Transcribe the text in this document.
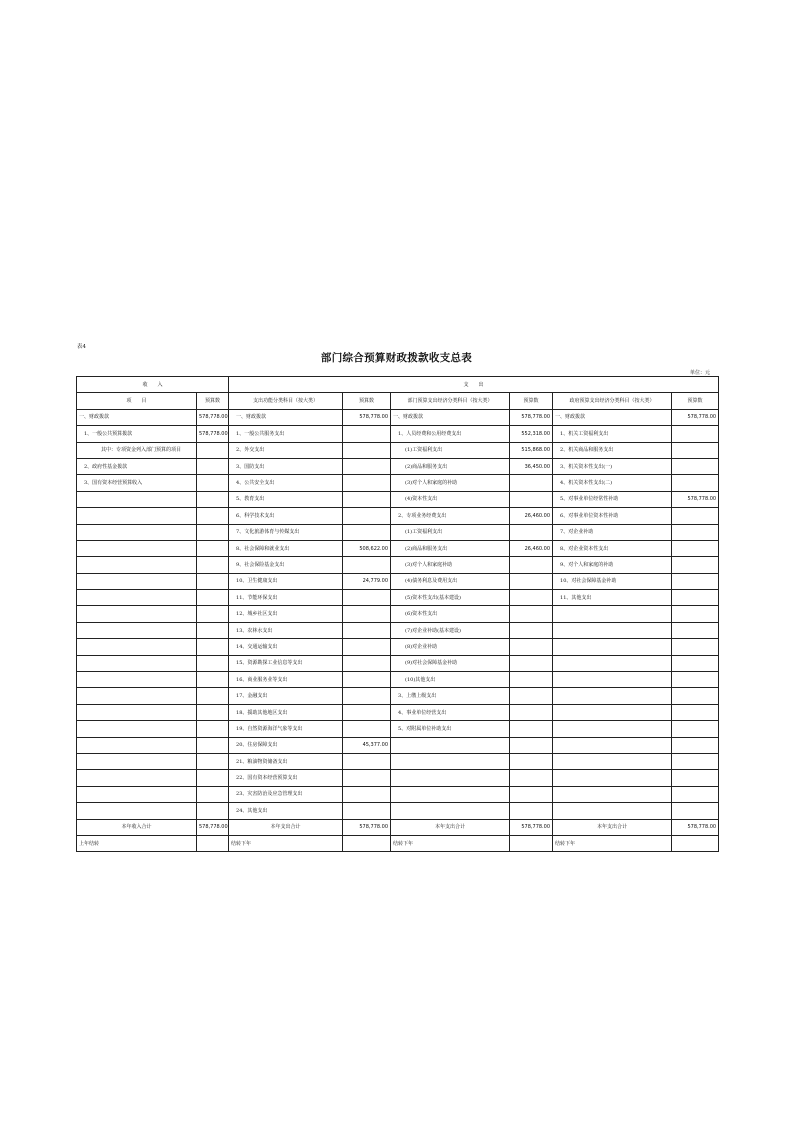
表4
部门综合预算财政拨款收支总表
单位：元
收　　入		支　　出					
项　　目	预算数	支出功能分类科目（按大类）	预算数	部门预算支出经济分类科目（按大类）	预算数	政府预算支出经济分类科目（按大类）	预算数
一、财政拨款	578,778.00	一、财政拨款	578,778.00	一、财政拨款	578,778.00	一、财政拨款	578,778.00
1、一般公共预算拨款	578,778.00	1、一般公共服务支出		1、人员经费和公用经费支出	552,318.00	1、机关工资福利支出	
其中：专项资金列入部门预算的项目		2、外交支出		(1)工资福利支出	515,868.00	2、机关商品和服务支出	
2、政府性基金拨款		3、国防支出		(2)商品和服务支出	36,450.00	3、机关资本性支出(一)	
3、国有资本经营预算收入		4、公共安全支出		(3)对个人和家庭的补助		4、机关资本性支出(二)	
		5、教育支出		(4)资本性支出		5、对事业单位经常性补助	578,778.00
		6、科学技术支出		2、专项业务经费支出	26,460.00	6、对事业单位资本性补助	
		7、文化旅游体育与传媒支出		(1)工资福利支出		7、对企业补助	
		8、社会保障和就业支出	508,622.00	(2)商品和服务支出	26,460.00	8、对企业资本性支出	
		9、社会保险基金支出		(3)对个人和家庭补助		9、对个人和家庭的补助	
		10、卫生健康支出	24,779.00	(4)债务利息及费用支出		10、对社会保障基金补助	
		11、节能环保支出		(5)资本性支出(基本建设)		11、其他支出	
		12、城乡社区支出		(6)资本性支出			
		13、农林水支出		(7)对企业补助(基本建设)			
		14、交通运输支出		(8)对企业补助			
		15、资源勘探工业信息等支出		(9)对社会保障基金补助			
		16、商业服务业等支出		(10)其他支出			
		17、金融支出		3、上缴上级支出			
		18、援助其他地区支出		4、事业单位经营支出			
		19、自然资源海洋气象等支出		5、对附属单位补助支出			
		20、住房保障支出	45,377.00				
		21、粮油物资储备支出					
		22、国有资本经营预算支出					
		23、灾害防治及应急管理支出					
		24、其他支出					
本年收入合计	578,778.00	本年支出合计	578,778.00	本年支出合计	578,778.00	本年支出合计	578,778.00
上年结转		结转下年		结转下年		结转下年	
